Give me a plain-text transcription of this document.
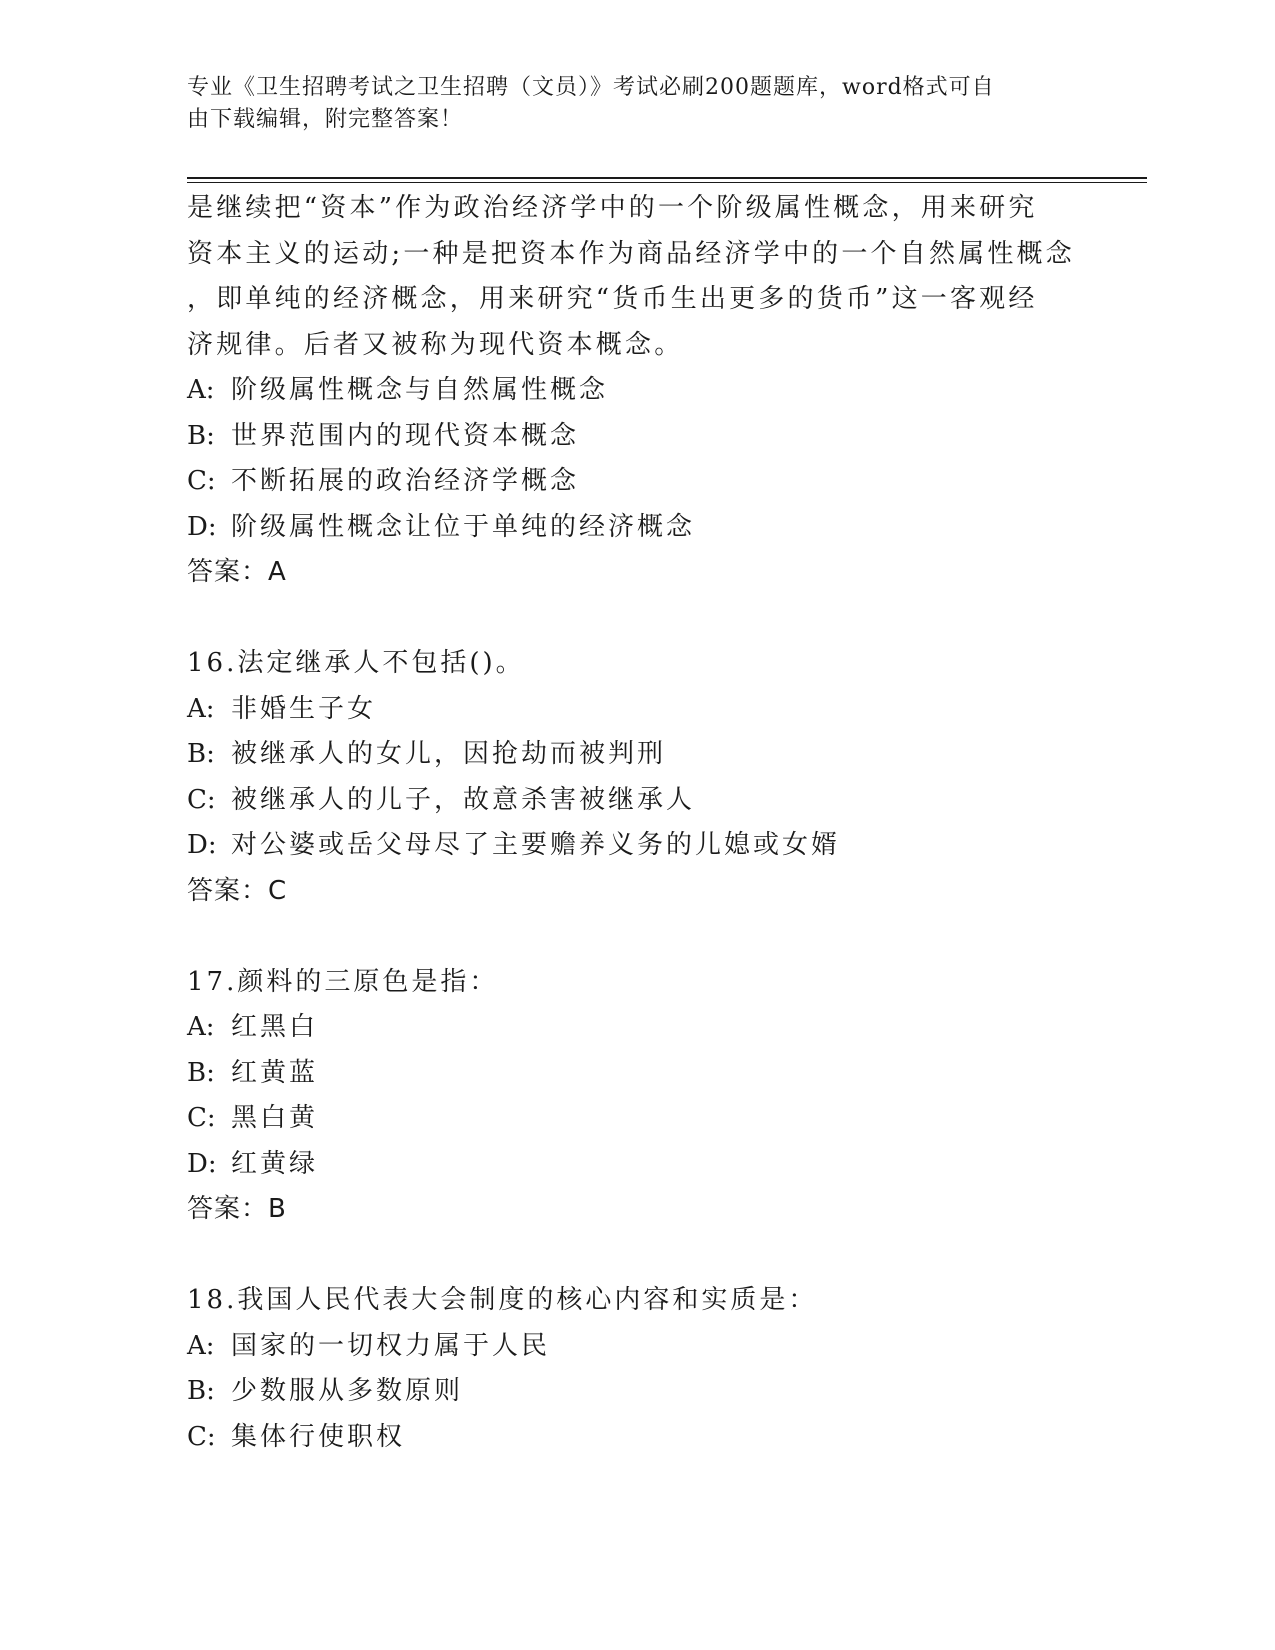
专业《卫生招聘考试之卫生招聘（文员）》考试必刷200题题库，word格式可自
由下载编辑，附完整答案！
是继续把“资本”作为政治经济学中的一个阶级属性概念，用来研究
资本主义的运动;一种是把资本作为商品经济学中的一个自然属性概念
，即单纯的经济概念，用来研究“货币生出更多的货币”这一客观经
济规律。后者又被称为现代资本概念。
A: 阶级属性概念与自然属性概念
B: 世界范围内的现代资本概念
C: 不断拓展的政治经济学概念
D: 阶级属性概念让位于单纯的经济概念
答案：A
16.法定继承人不包括()。
A: 非婚生子女
B: 被继承人的女儿，因抢劫而被判刑
C: 被继承人的儿子，故意杀害被继承人
D: 对公婆或岳父母尽了主要赡养义务的儿媳或女婿
答案：C
17.颜料的三原色是指：
A: 红黑白
B: 红黄蓝
C: 黑白黄
D: 红黄绿
答案：B
18.我国人民代表大会制度的核心内容和实质是：
A: 国家的一切权力属于人民
B: 少数服从多数原则
C: 集体行使职权
